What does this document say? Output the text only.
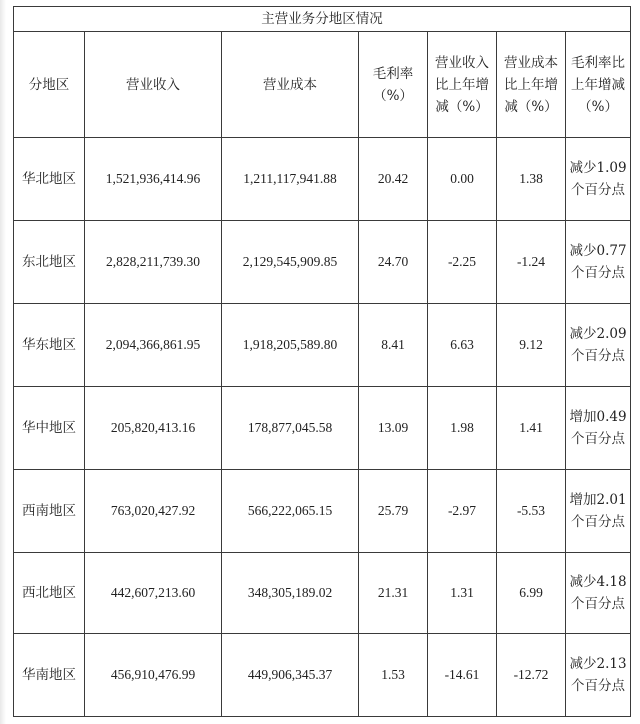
主营业务分地区情况						
分地区	营业收入	营业成本	毛利率（%）	营业收入比上年增减（%）	营业成本比上年增减（%）	毛利率比上年增减（%）
华北地区	1,521,936,414.96	1,211,117,941.88	20.42	0.00	1.38	减少1.09个百分点
东北地区	2,828,211,739.30	2,129,545,909.85	24.70	-2.25	-1.24	减少0.77个百分点
华东地区	2,094,366,861.95	1,918,205,589.80	8.41	6.63	9.12	减少2.09个百分点
华中地区	205,820,413.16	178,877,045.58	13.09	1.98	1.41	增加0.49个百分点
西南地区	763,020,427.92	566,222,065.15	25.79	-2.97	-5.53	增加2.01个百分点
西北地区	442,607,213.60	348,305,189.02	21.31	1.31	6.99	减少4.18个百分点
华南地区	456,910,476.99	449,906,345.37	1.53	-14.61	-12.72	减少2.13个百分点
